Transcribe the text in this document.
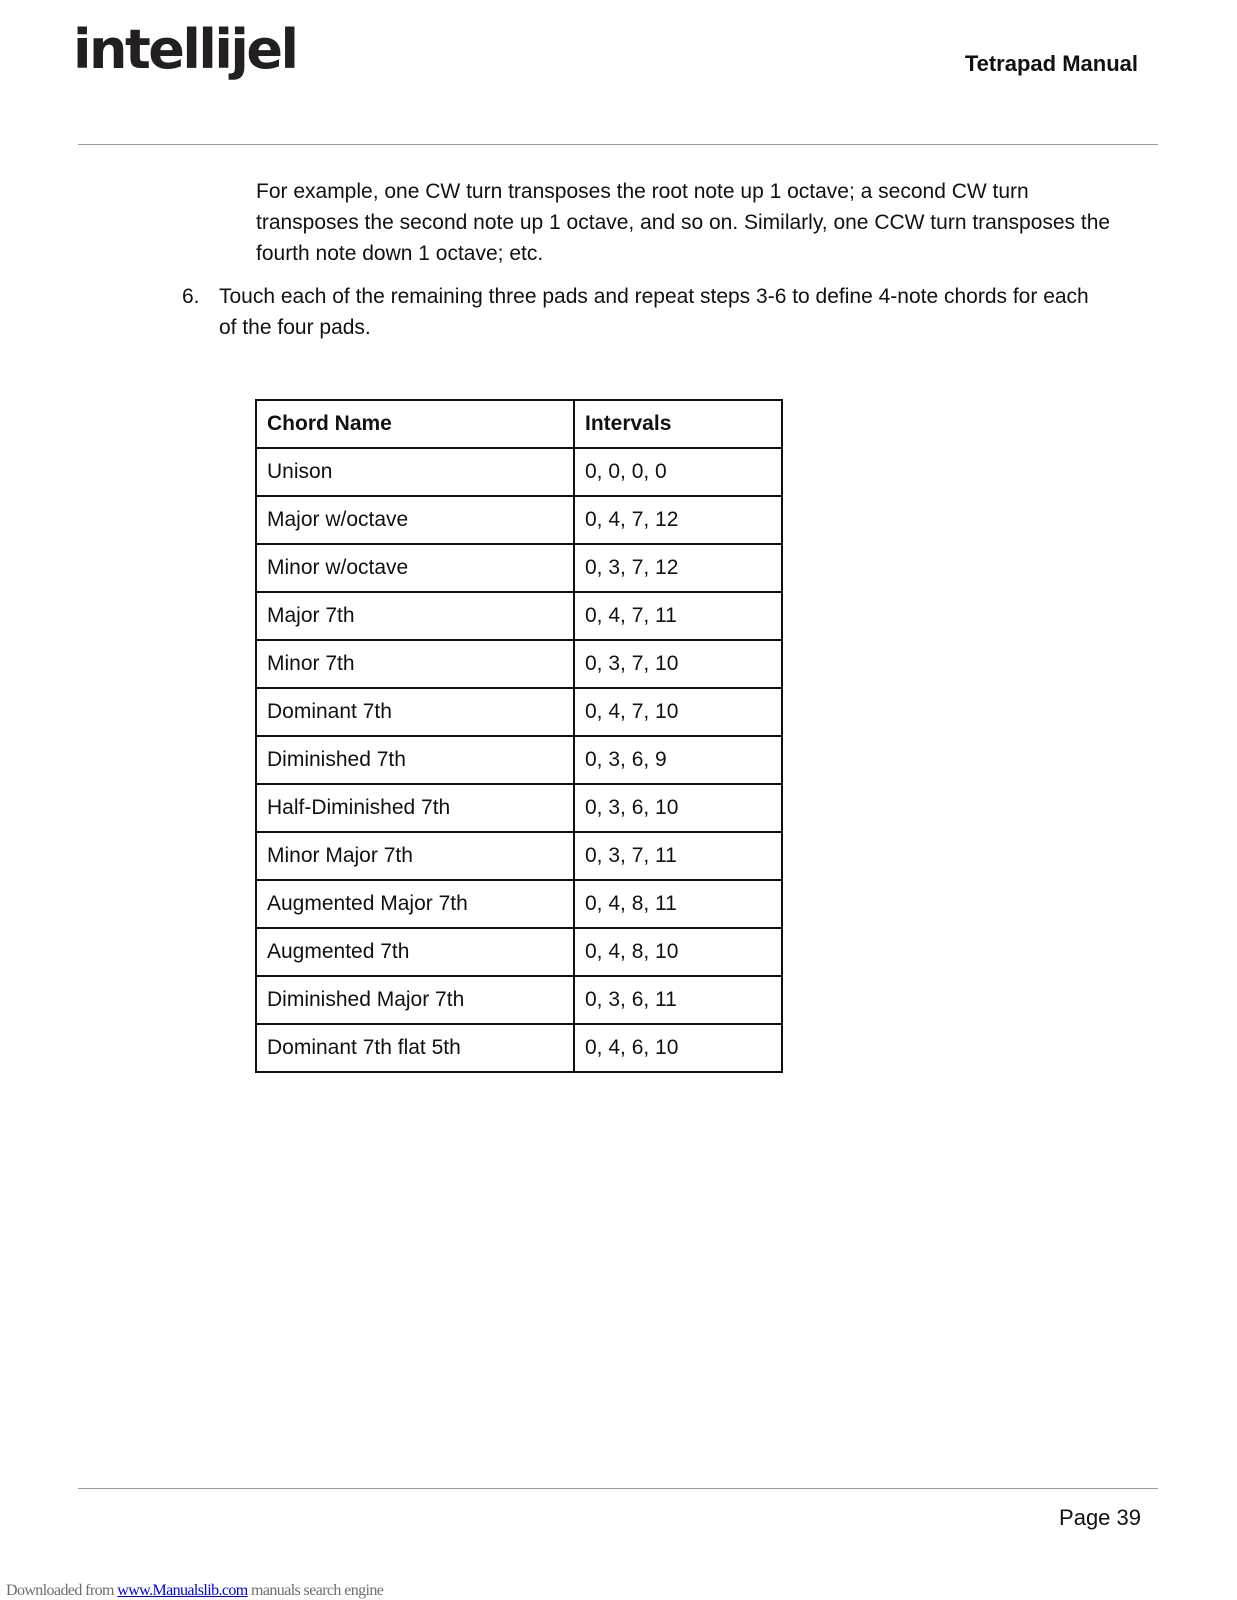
intellijel	Tetrapad Manual
For example, one CW turn transposes the root note up 1 octave; a second CW turn transposes the second note up 1 octave, and so on. Similarly, one CCW turn transposes the fourth note down 1 octave; etc.
6. Touch each of the remaining three pads and repeat steps 3-6 to define 4-note chords for each of the four pads.
Chord Name	Intervals
Unison	0, 0, 0, 0
Major w/octave	0, 4, 7, 12
Minor w/octave	0, 3, 7, 12
Major 7th	0, 4, 7, 11
Minor 7th	0, 3, 7, 10
Dominant 7th	0, 4, 7, 10
Diminished 7th	0, 3, 6, 9
Half-Diminished 7th	0, 3, 6, 10
Minor Major 7th	0, 3, 7, 11
Augmented Major 7th	0, 4, 8, 11
Augmented 7th	0, 4, 8, 10
Diminished Major 7th	0, 3, 6, 11
Dominant 7th flat 5th	0, 4, 6, 10
Page 39
Downloaded from www.Manualslib.com manuals search engine
